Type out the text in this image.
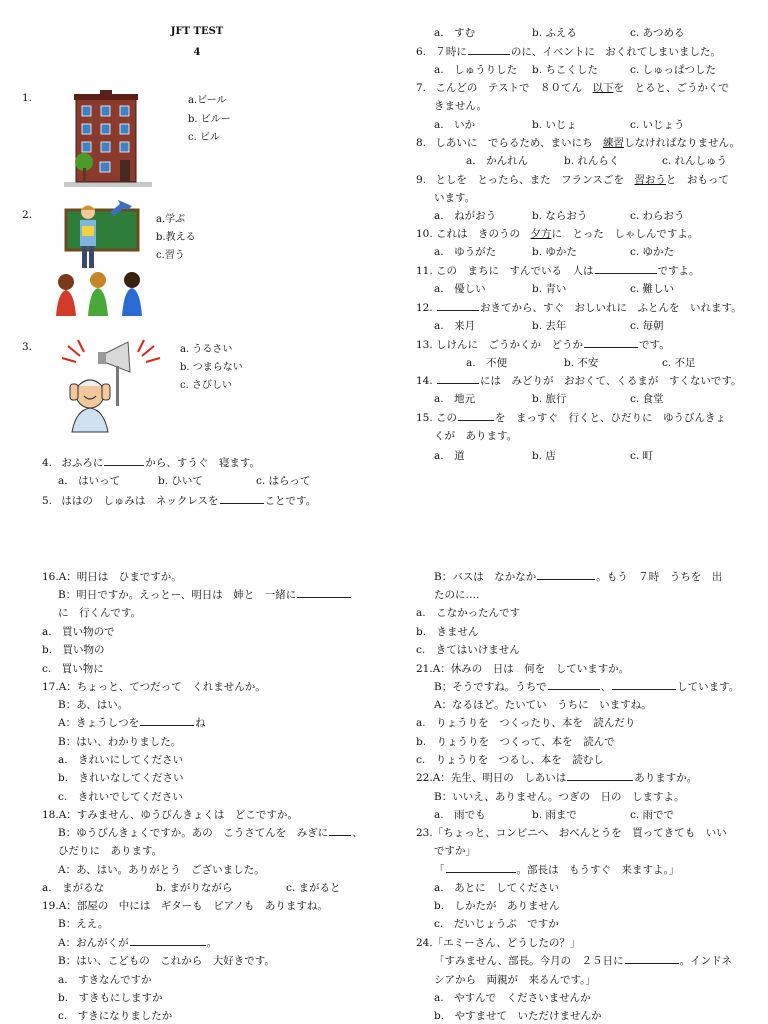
JFT TEST
4
1.	a.ビール
b. ビルー
c. ビル
2.	a.学ぶ
b.教える
c.習う
3.	a. うるさい
b. つまらない
c. さびしい
4. おふろに	から、すうぐ　寝ます。
a.　はいって	b. ひいて	c. はらって
5. ははの　しゅみは　ネックレスを	ことです。
a.　すむ	b. ふえる	c. あつめる
6. ７時に	のに、イベントに　おくれてしまいました。
a.　しゅうりした b. ちこくした	c. しゅっぱつした
7. こんどの　テストで　８０てん　以下を　とると、ごうかくで
きません。
a.　いか	b. いじょ	c. いじょう
8. しあいに　でらるため、まいにち　練習しなければなりません。
a.　かんれん	b. れんらく	c. れんしゅう
9. としを　とったら、また　フランスごを　習おうと　おもって
います。
a.　ねがおう	b. ならおう	c. わらおう
10. これは　きのうの　夕方に　とった　しゃしんですよ。
a.　ゆうがた	b. ゆかた	c. ゆかた
11. この　まちに　すんでいる　人は	ですよ。
a.　優しい	b. 青い	c. 難しい
12.	おきてから、すぐ　おしいれに　ふとんを　いれます。
a.　来月	b. 去年	c. 毎朝
13. しけんに　ごうかくか　どうか	です。
a.　不便	b. 不安	c. 不足
14.	には　みどりが　おおくて、くるまが　すくないです。
a.　地元	b. 旅行	c. 食堂
15. この	を　まっすぐ　行くと、ひだりに　ゆうびんきょ
くが　あります。
a.　道	b. 店	c. 町
16.A：明日は　ひまですか。
B：明日ですか。えっとー、明日は　姉と　一緒に
に　行くんです。
a.　買い物ので
b.　買い物の
c.　買い物に
17.A：ちょっと、てつだって　くれませんか。
B：あ、はい。
A：きょうしつを	ね
B：はい、わかりました。
a.　きれいにしてください
b.　きれいなしてください
c.　きれいでしてください
18.A：すみません、ゆうびんきょくは　どこですか。
B：ゆうびんきょくですか。あの　こうさてんを　みぎに 、
ひだりに　あります。
A：あ、はい。ありがとう　ございました。
a.　まがるな	b. まがりながら	c. まがると
19.A：部屋の　中には　ギターも　ピアノも　ありますね。
B：ええ。
A：おんがくが	。
B：はい、こどもの　これから　大好きです。
a.　すきなんですか
b.　すきもにしますか
c.　すきになりましたか
B：バスは　なかなか	。もう　７時　うちを　出
たのに….
a.　こなかったんです
b.　きません
c.　きてはいけません
21.A：休みの　日は　何を　していますか。
B；そうですね。うちで	、	しています。
A：なるほど。たいてい　うちに　いますね。
a.　りょうりを　つくったり、本を　読んだり
b.　りょうりを　つくって、本を　読んで
c.　りょうりを　つるし、本を　読むし
22.A：先生、明日の　しあいは	ありますか。
B：いいえ、ありません。つぎの　日の　しますよ。
a.　雨でも	b. 雨まで	c. 雨でで
23.「ちょっと、コンビニへ　おべんとうを　買ってきても　いい
ですか」
「	。部長は　もうすぐ　来ますよ。」
a.　あとに　してください
b.　しかたが　ありません
c.　だいじょうぶ　ですか
24.「エミーさん、どうしたの？」
「すみません、部長。今月の　２５日に	。インドネ
シアから　両親が　来るんです。」
a.　やすんで　くださいませんか
b.　やすませて　いただけませんか
